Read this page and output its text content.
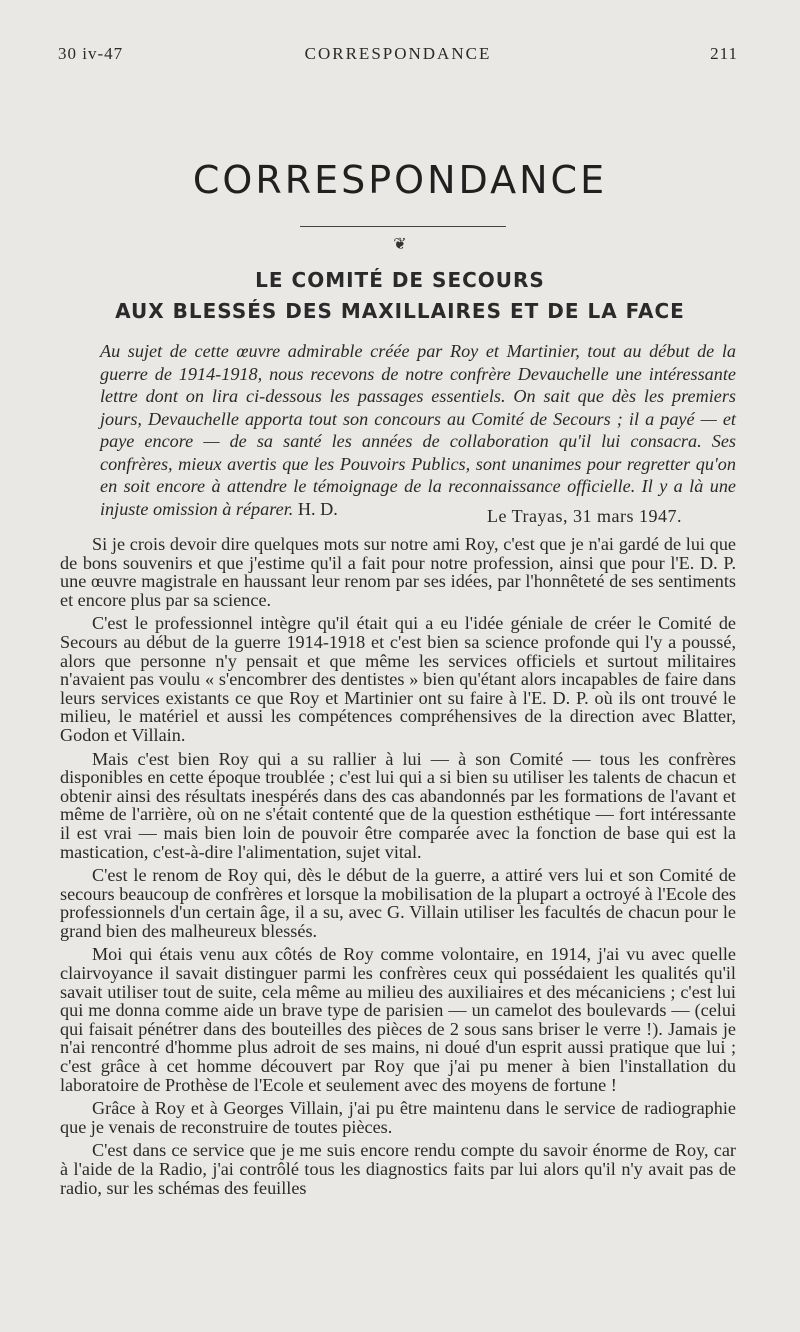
30 iv-47	CORRESPONDANCE	211
CORRESPONDANCE
❦
LE COMITÉ DE SECOURS
AUX BLESSÉS DES MAXILLAIRES ET DE LA FACE
Au sujet de cette œuvre admirable créée par Roy et Martinier, tout au début de la guerre de 1914-1918, nous recevons de notre confrère Devauchelle une intéressante lettre dont on lira ci-dessous les passages essentiels. On sait que dès les premiers jours, Devauchelle apporta tout son concours au Comité de Secours ; il a payé — et paye encore — de sa santé les années de collaboration qu'il lui consacra. Ses confrères, mieux avertis que les Pouvoirs Publics, sont unanimes pour regretter qu'on en soit encore à attendre le témoignage de la reconnaissance officielle. Il y a là une injuste omission à réparer. H. D.	Le Trayas, 31 mars 1947.

Si je crois devoir dire quelques mots sur notre ami Roy, c'est que je n'ai gardé de lui que de bons souvenirs et que j'estime qu'il a fait pour notre profession, ainsi que pour l'E. D. P. une œuvre magistrale en haussant leur renom par ses idées, par l'honnêteté de ses sentiments et encore plus par sa science.

C'est le professionnel intègre qu'il était qui a eu l'idée géniale de créer le Comité de Secours au début de la guerre 1914-1918 et c'est bien sa science profonde qui l'y a poussé, alors que personne n'y pensait et que même les services officiels et surtout militaires n'avaient pas voulu « s'encombrer des dentistes » bien qu'étant alors incapables de faire dans leurs services existants ce que Roy et Martinier ont su faire à l'E. D. P. où ils ont trouvé le milieu, le matériel et aussi les compétences compréhensives de la direction avec Blatter, Godon et Villain.

Mais c'est bien Roy qui a su rallier à lui — à son Comité — tous les confrères disponibles en cette époque troublée ; c'est lui qui a si bien su utiliser les talents de chacun et obtenir ainsi des résultats inespérés dans des cas abandonnés par les formations de l'avant et même de l'arrière, où on ne s'était contenté que de la question esthétique — fort intéressante il est vrai — mais bien loin de pouvoir être comparée avec la fonction de base qui est la mastication, c'est-à-dire l'alimentation, sujet vital.

C'est le renom de Roy qui, dès le début de la guerre, a attiré vers lui et son Comité de secours beaucoup de confrères et lorsque la mobilisation de la plupart a octroyé à l'Ecole des professionnels d'un certain âge, il a su, avec G. Villain utiliser les facultés de chacun pour le grand bien des malheureux blessés.

Moi qui étais venu aux côtés de Roy comme volontaire, en 1914, j'ai vu avec quelle clairvoyance il savait distinguer parmi les confrères ceux qui possédaient les qualités qu'il savait utiliser tout de suite, cela même au milieu des auxiliaires et des mécaniciens ; c'est lui qui me donna comme aide un brave type de parisien — un camelot des boulevards — (celui qui faisait pénétrer dans des bouteilles des pièces de 2 sous sans briser le verre !). Jamais je n'ai rencontré d'homme plus adroit de ses mains, ni doué d'un esprit aussi pratique que lui ; c'est grâce à cet homme découvert par Roy que j'ai pu mener à bien l'installation du laboratoire de Prothèse de l'Ecole et seulement avec des moyens de fortune !

Grâce à Roy et à Georges Villain, j'ai pu être maintenu dans le service de radiographie que je venais de reconstruire de toutes pièces.

C'est dans ce service que je me suis encore rendu compte du savoir énorme de Roy, car à l'aide de la Radio, j'ai contrôlé tous les diagnostics faits par lui alors qu'il n'y avait pas de radio, sur les schémas des feuilles
